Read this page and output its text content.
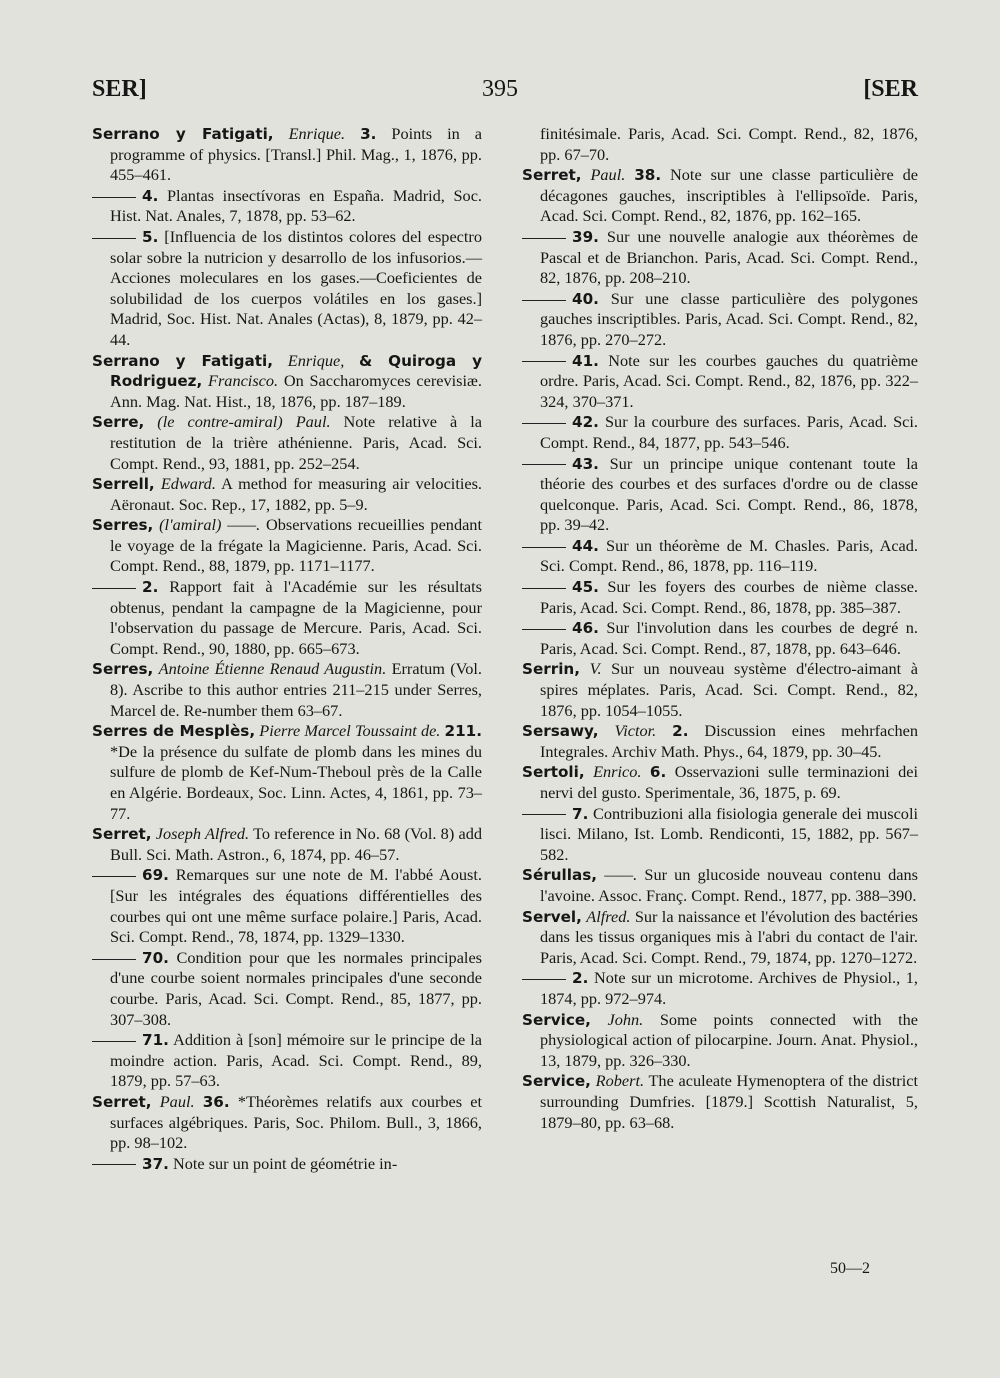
SER]	395	[SER

Serrano y Fatigati, Enrique. 3. Points in a programme of physics. [Transl.] Phil. Mag., 1, 1876, pp. 455–461.

4. Plantas insectívoras en España. Madrid, Soc. Hist. Nat. Anales, 7, 1878, pp. 53–62.

5. [Influencia de los distintos colores del espectro solar sobre la nutricion y desarrollo de los infusorios.—Acciones moleculares en los gases.—Coeficientes de solubilidad de los cuerpos volátiles en los gases.] Madrid, Soc. Hist. Nat. Anales (Actas), 8, 1879, pp. 42–44.

Serrano y Fatigati, Enrique, & Quiroga y Rodriguez, Francisco. On Saccharomyces cerevisiæ. Ann. Mag. Nat. Hist., 18, 1876, pp. 187–189.

Serre, (le contre-amiral) Paul. Note relative à la restitution de la trière athénienne. Paris, Acad. Sci. Compt. Rend., 93, 1881, pp. 252–254.

Serrell, Edward. A method for measuring air velocities. Aëronaut. Soc. Rep., 17, 1882, pp. 5–9.

Serres, (l'amiral) ——. Observations recueillies pendant le voyage de la frégate la Magicienne. Paris, Acad. Sci. Compt. Rend., 88, 1879, pp. 1171–1177.

2. Rapport fait à l'Académie sur les résultats obtenus, pendant la campagne de la Magicienne, pour l'observation du passage de Mercure. Paris, Acad. Sci. Compt. Rend., 90, 1880, pp. 665–673.

Serres, Antoine Étienne Renaud Augustin. Erratum (Vol. 8). Ascribe to this author entries 211–215 under Serres, Marcel de. Re-number them 63–67.

Serres de Mesplès, Pierre Marcel Toussaint de. 211. *De la présence du sulfate de plomb dans les mines du sulfure de plomb de Kef-Num-Theboul près de la Calle en Algérie. Bordeaux, Soc. Linn. Actes, 4, 1861, pp. 73–77.

Serret, Joseph Alfred. To reference in No. 68 (Vol. 8) add Bull. Sci. Math. Astron., 6, 1874, pp. 46–57.

69. Remarques sur une note de M. l'abbé Aoust. [Sur les intégrales des équations différentielles des courbes qui ont une même surface polaire.] Paris, Acad. Sci. Compt. Rend., 78, 1874, pp. 1329–1330.

70. Condition pour que les normales principales d'une courbe soient normales principales d'une seconde courbe. Paris, Acad. Sci. Compt. Rend., 85, 1877, pp. 307–308.

71. Addition à [son] mémoire sur le principe de la moindre action. Paris, Acad. Sci. Compt. Rend., 89, 1879, pp. 57–63.

Serret, Paul. 36. *Théorèmes relatifs aux courbes et surfaces algébriques. Paris, Soc. Philom. Bull., 3, 1866, pp. 98–102.

37. Note sur un point de géométrie in-

finitésimale. Paris, Acad. Sci. Compt. Rend., 82, 1876, pp. 67–70.

Serret, Paul. 38. Note sur une classe particulière de décagones gauches, inscriptibles à l'ellipsoïde. Paris, Acad. Sci. Compt. Rend., 82, 1876, pp. 162–165.

39. Sur une nouvelle analogie aux théorèmes de Pascal et de Brianchon. Paris, Acad. Sci. Compt. Rend., 82, 1876, pp. 208–210.

40. Sur une classe particulière des polygones gauches inscriptibles. Paris, Acad. Sci. Compt. Rend., 82, 1876, pp. 270–272.

41. Note sur les courbes gauches du quatrième ordre. Paris, Acad. Sci. Compt. Rend., 82, 1876, pp. 322–324, 370–371.

42. Sur la courbure des surfaces. Paris, Acad. Sci. Compt. Rend., 84, 1877, pp. 543–546.

43. Sur un principe unique contenant toute la théorie des courbes et des surfaces d'ordre ou de classe quelconque. Paris, Acad. Sci. Compt. Rend., 86, 1878, pp. 39–42.

44. Sur un théorème de M. Chasles. Paris, Acad. Sci. Compt. Rend., 86, 1878, pp. 116–119.

45. Sur les foyers des courbes de nième classe. Paris, Acad. Sci. Compt. Rend., 86, 1878, pp. 385–387.

46. Sur l'involution dans les courbes de degré n. Paris, Acad. Sci. Compt. Rend., 87, 1878, pp. 643–646.

Serrin, V. Sur un nouveau système d'électro-aimant à spires méplates. Paris, Acad. Sci. Compt. Rend., 82, 1876, pp. 1054–1055.

Sersawy, Victor. 2. Discussion eines mehrfachen Integrales. Archiv Math. Phys., 64, 1879, pp. 30–45.

Sertoli, Enrico. 6. Osservazioni sulle terminazioni dei nervi del gusto. Sperimentale, 36, 1875, p. 69.

7. Contribuzioni alla fisiologia generale dei muscoli lisci. Milano, Ist. Lomb. Rendiconti, 15, 1882, pp. 567–582.

Sérullas, ——. Sur un glucoside nouveau contenu dans l'avoine. Assoc. Franç. Compt. Rend., 1877, pp. 388–390.

Servel, Alfred. Sur la naissance et l'évolution des bactéries dans les tissus organiques mis à l'abri du contact de l'air. Paris, Acad. Sci. Compt. Rend., 79, 1874, pp. 1270–1272.

2. Note sur un microtome. Archives de Physiol., 1, 1874, pp. 972–974.

Service, John. Some points connected with the physiological action of pilocarpine. Journ. Anat. Physiol., 13, 1879, pp. 326–330.

Service, Robert. The aculeate Hymenoptera of the district surrounding Dumfries. [1879.] Scottish Naturalist, 5, 1879–80, pp. 63–68.

50—2
